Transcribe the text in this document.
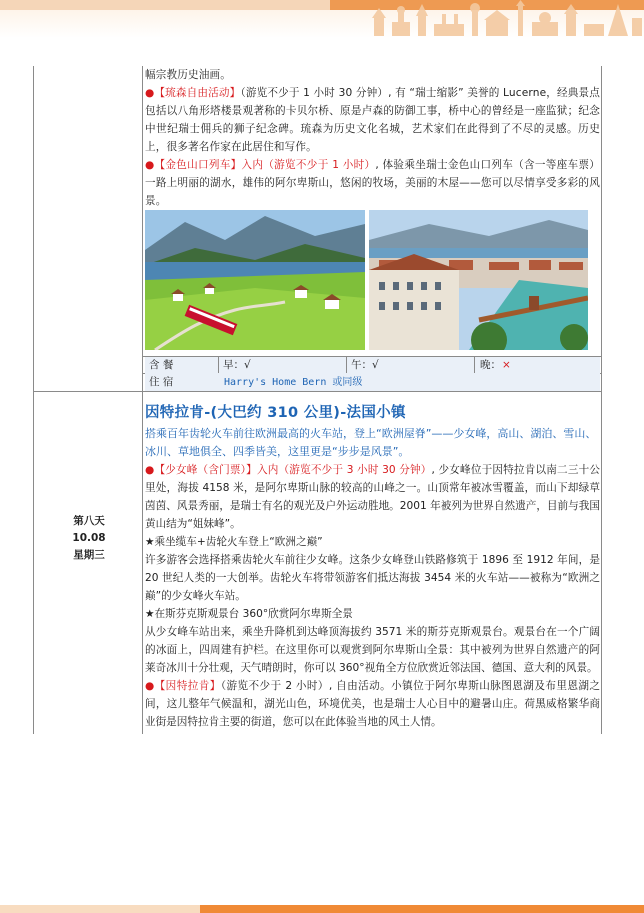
幅宗教历史油画。

●【琉森自由活动】（游览不少于 1 小时 30 分钟）, 有 “瑞士缩影” 美誉的 Lucerne，经典景点包括以八角形塔楼景观著称的卡贝尔桥、原是卢森的防御工事，桥中心的曾经是一座监狱；纪念中世纪瑞士佣兵的狮子纪念碑。琉森为历史文化名城，艺术家们在此得到了不尽的灵感。历史上，很多著名作家在此居住和写作。

●【金色山口列车】入内（游览不少于 1 小时）, 体验乘坐瑞士金色山口列车（含一等座车票）一路上明丽的湖水，雄伟的阿尔卑斯山，悠闲的牧场，美丽的木屋——您可以尽情享受多彩的风景。

含 餐	早：√	午：√	晚： ×
住 宿	Harry's Home Bern 或同级
第八天
10.08
星期三
因特拉肯-(大巴约 310 公里)-法国小镇
搭乘百年齿轮火车前往欧洲最高的火车站，登上“欧洲屋脊”——少女峰，高山、湖泊、雪山、冰川、草地俱全、四季皆美，这里更是“步步是风景”。

●【少女峰（含门票）】入内（游览不少于 3 小时 30 分钟）, 少女峰位于因特拉肯以南二三十公里处，海拔 4158 米，是阿尔卑斯山脉的较高的山峰之一。山顶常年被冰雪覆盖，而山下却绿草茵茵、风景秀丽，是瑞士有名的观光及户外运动胜地。2001 年被列为世界自然遗产，目前与我国黄山结为“姐妹峰”。

★乘坐缆车+齿轮火车登上“欧洲之巅”

许多游客会选择搭乘齿轮火车前往少女峰。这条少女峰登山铁路修筑于 1896 至 1912 年间，是 20 世纪人类的一大创举。齿轮火车将带领游客们抵达海拔 3454 米的火车站——被称为“欧洲之巅”的少女峰火车站。

★在斯芬克斯观景台 360°欣赏阿尔卑斯全景

从少女峰车站出来，乘坐升降机到达峰顶海拔约 3571 米的斯芬克斯观景台。观景台在一个广阔的冰面上，四周建有护栏。在这里你可以观赏到阿尔卑斯山全景：其中被列为世界自然遗产的阿莱奇冰川十分壮观，天气晴朗时，你可以 360°视角全方位欣赏近邻法国、德国、意大利的风景。

●【因特拉肯】（游览不少于 2 小时）, 自由活动。小镇位于阿尔卑斯山脉图恩湖及布里恩湖之间，这儿整年气候温和，湖光山色，环境优美，也是瑞士人心目中的避暑山庄。荷黑威格繁华商业街是因特拉肯主要的街道，您可以在此体验当地的风土人情。
